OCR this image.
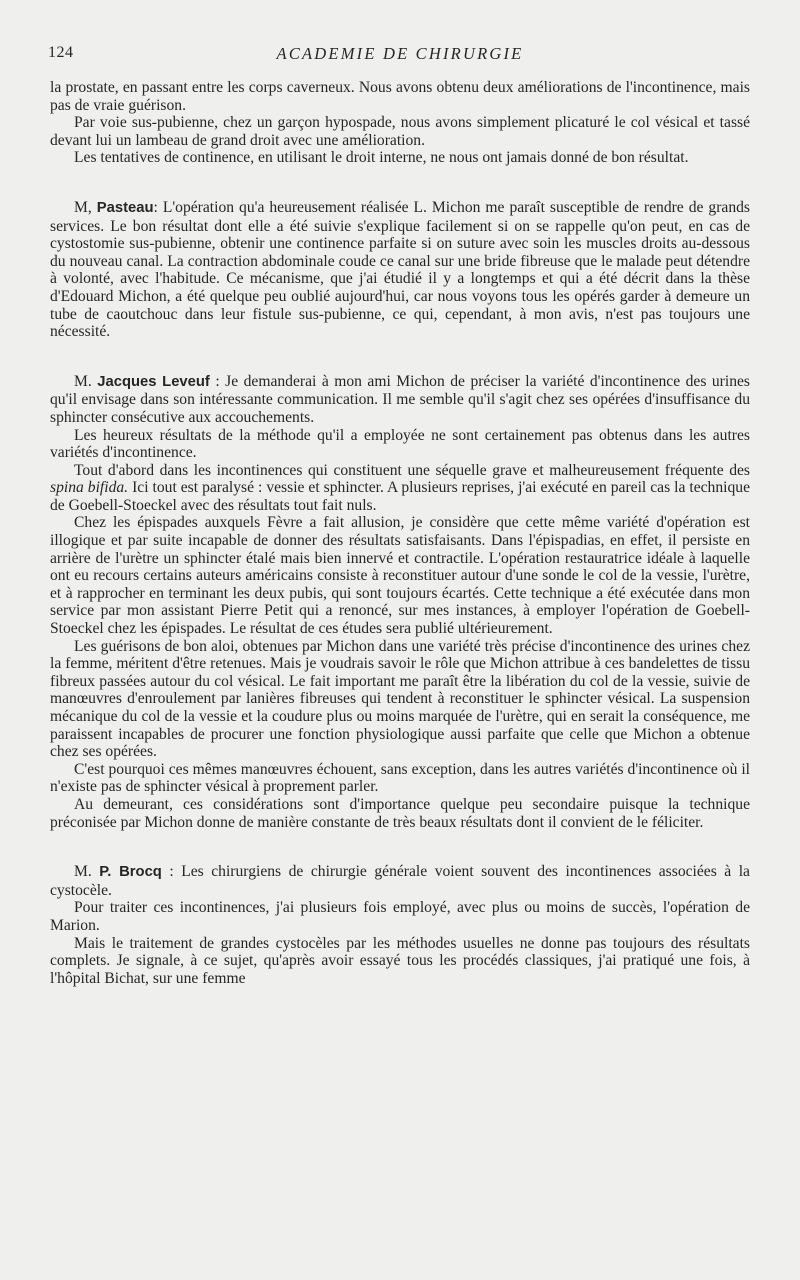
124	ACADEMIE DE CHIRURGIE

la prostate, en passant entre les corps caverneux. Nous avons obtenu deux améliorations de l'incontinence, mais pas de vraie guérison.

Par voie sus-pubienne, chez un garçon hypospade, nous avons simplement plicaturé le col vésical et tassé devant lui un lambeau de grand droit avec une amélioration.

Les tentatives de continence, en utilisant le droit interne, ne nous ont jamais donné de bon résultat.

M, Pasteau: L'opération qu'a heureusement réalisée L. Michon me paraît susceptible de rendre de grands services. Le bon résultat dont elle a été suivie s'explique facilement si on se rappelle qu'on peut, en cas de cystostomie sus-pubienne, obtenir une continence parfaite si on suture avec soin les muscles droits au-dessous du nouveau canal. La contraction abdominale coude ce canal sur une bride fibreuse que le malade peut détendre à volonté, avec l'habitude. Ce mécanisme, que j'ai étudié il y a longtemps et qui a été décrit dans la thèse d'Edouard Michon, a été quelque peu oublié aujourd'hui, car nous voyons tous les opérés garder à demeure un tube de caoutchouc dans leur fistule sus-pubienne, ce qui, cependant, à mon avis, n'est pas toujours une nécessité.

M. Jacques Leveuf : Je demanderai à mon ami Michon de préciser la variété d'incontinence des urines qu'il envisage dans son intéressante communication. Il me semble qu'il s'agit chez ses opérées d'insuffisance du sphincter consécutive aux accouchements.

Les heureux résultats de la méthode qu'il a employée ne sont certainement pas obtenus dans les autres variétés d'incontinence.

Tout d'abord dans les incontinences qui constituent une séquelle grave et malheureusement fréquente des spina bifida. Ici tout est paralysé : vessie et sphincter. A plusieurs reprises, j'ai exécuté en pareil cas la technique de Goebell-Stoeckel avec des résultats tout fait nuls.

Chez les épispades auxquels Fèvre a fait allusion, je considère que cette même variété d'opération est illogique et par suite incapable de donner des résultats satisfaisants. Dans l'épispadias, en effet, il persiste en arrière de l'urètre un sphincter étalé mais bien innervé et contractile. L'opération restauratrice idéale à laquelle ont eu recours certains auteurs américains consiste à reconstituer autour d'une sonde le col de la vessie, l'urètre, et à rapprocher en terminant les deux pubis, qui sont toujours écartés. Cette technique a été exécutée dans mon service par mon assistant Pierre Petit qui a renoncé, sur mes instances, à employer l'opération de Goebell-Stoeckel chez les épispades. Le résultat de ces études sera publié ultérieurement.

Les guérisons de bon aloi, obtenues par Michon dans une variété très précise d'incontinence des urines chez la femme, méritent d'être retenues. Mais je voudrais savoir le rôle que Michon attribue à ces bandelettes de tissu fibreux passées autour du col vésical. Le fait important me paraît être la libération du col de la vessie, suivie de manœuvres d'enroulement par lanières fibreuses qui tendent à reconstituer le sphincter vésical. La suspension mécanique du col de la vessie et la coudure plus ou moins marquée de l'urètre, qui en serait la conséquence, me paraissent incapables de procurer une fonction physiologique aussi parfaite que celle que Michon a obtenue chez ses opérées.

C'est pourquoi ces mêmes manœuvres échouent, sans exception, dans les autres variétés d'incontinence où il n'existe pas de sphincter vésical à proprement parler.

Au demeurant, ces considérations sont d'importance quelque peu secondaire puisque la technique préconisée par Michon donne de manière constante de très beaux résultats dont il convient de le féliciter.

M. P. Brocq : Les chirurgiens de chirurgie générale voient souvent des incontinences associées à la cystocèle.

Pour traiter ces incontinences, j'ai plusieurs fois employé, avec plus ou moins de succès, l'opération de Marion.

Mais le traitement de grandes cystocèles par les méthodes usuelles ne donne pas toujours des résultats complets. Je signale, à ce sujet, qu'après avoir essayé tous les procédés classiques, j'ai pratiqué une fois, à l'hôpital Bichat, sur une femme
